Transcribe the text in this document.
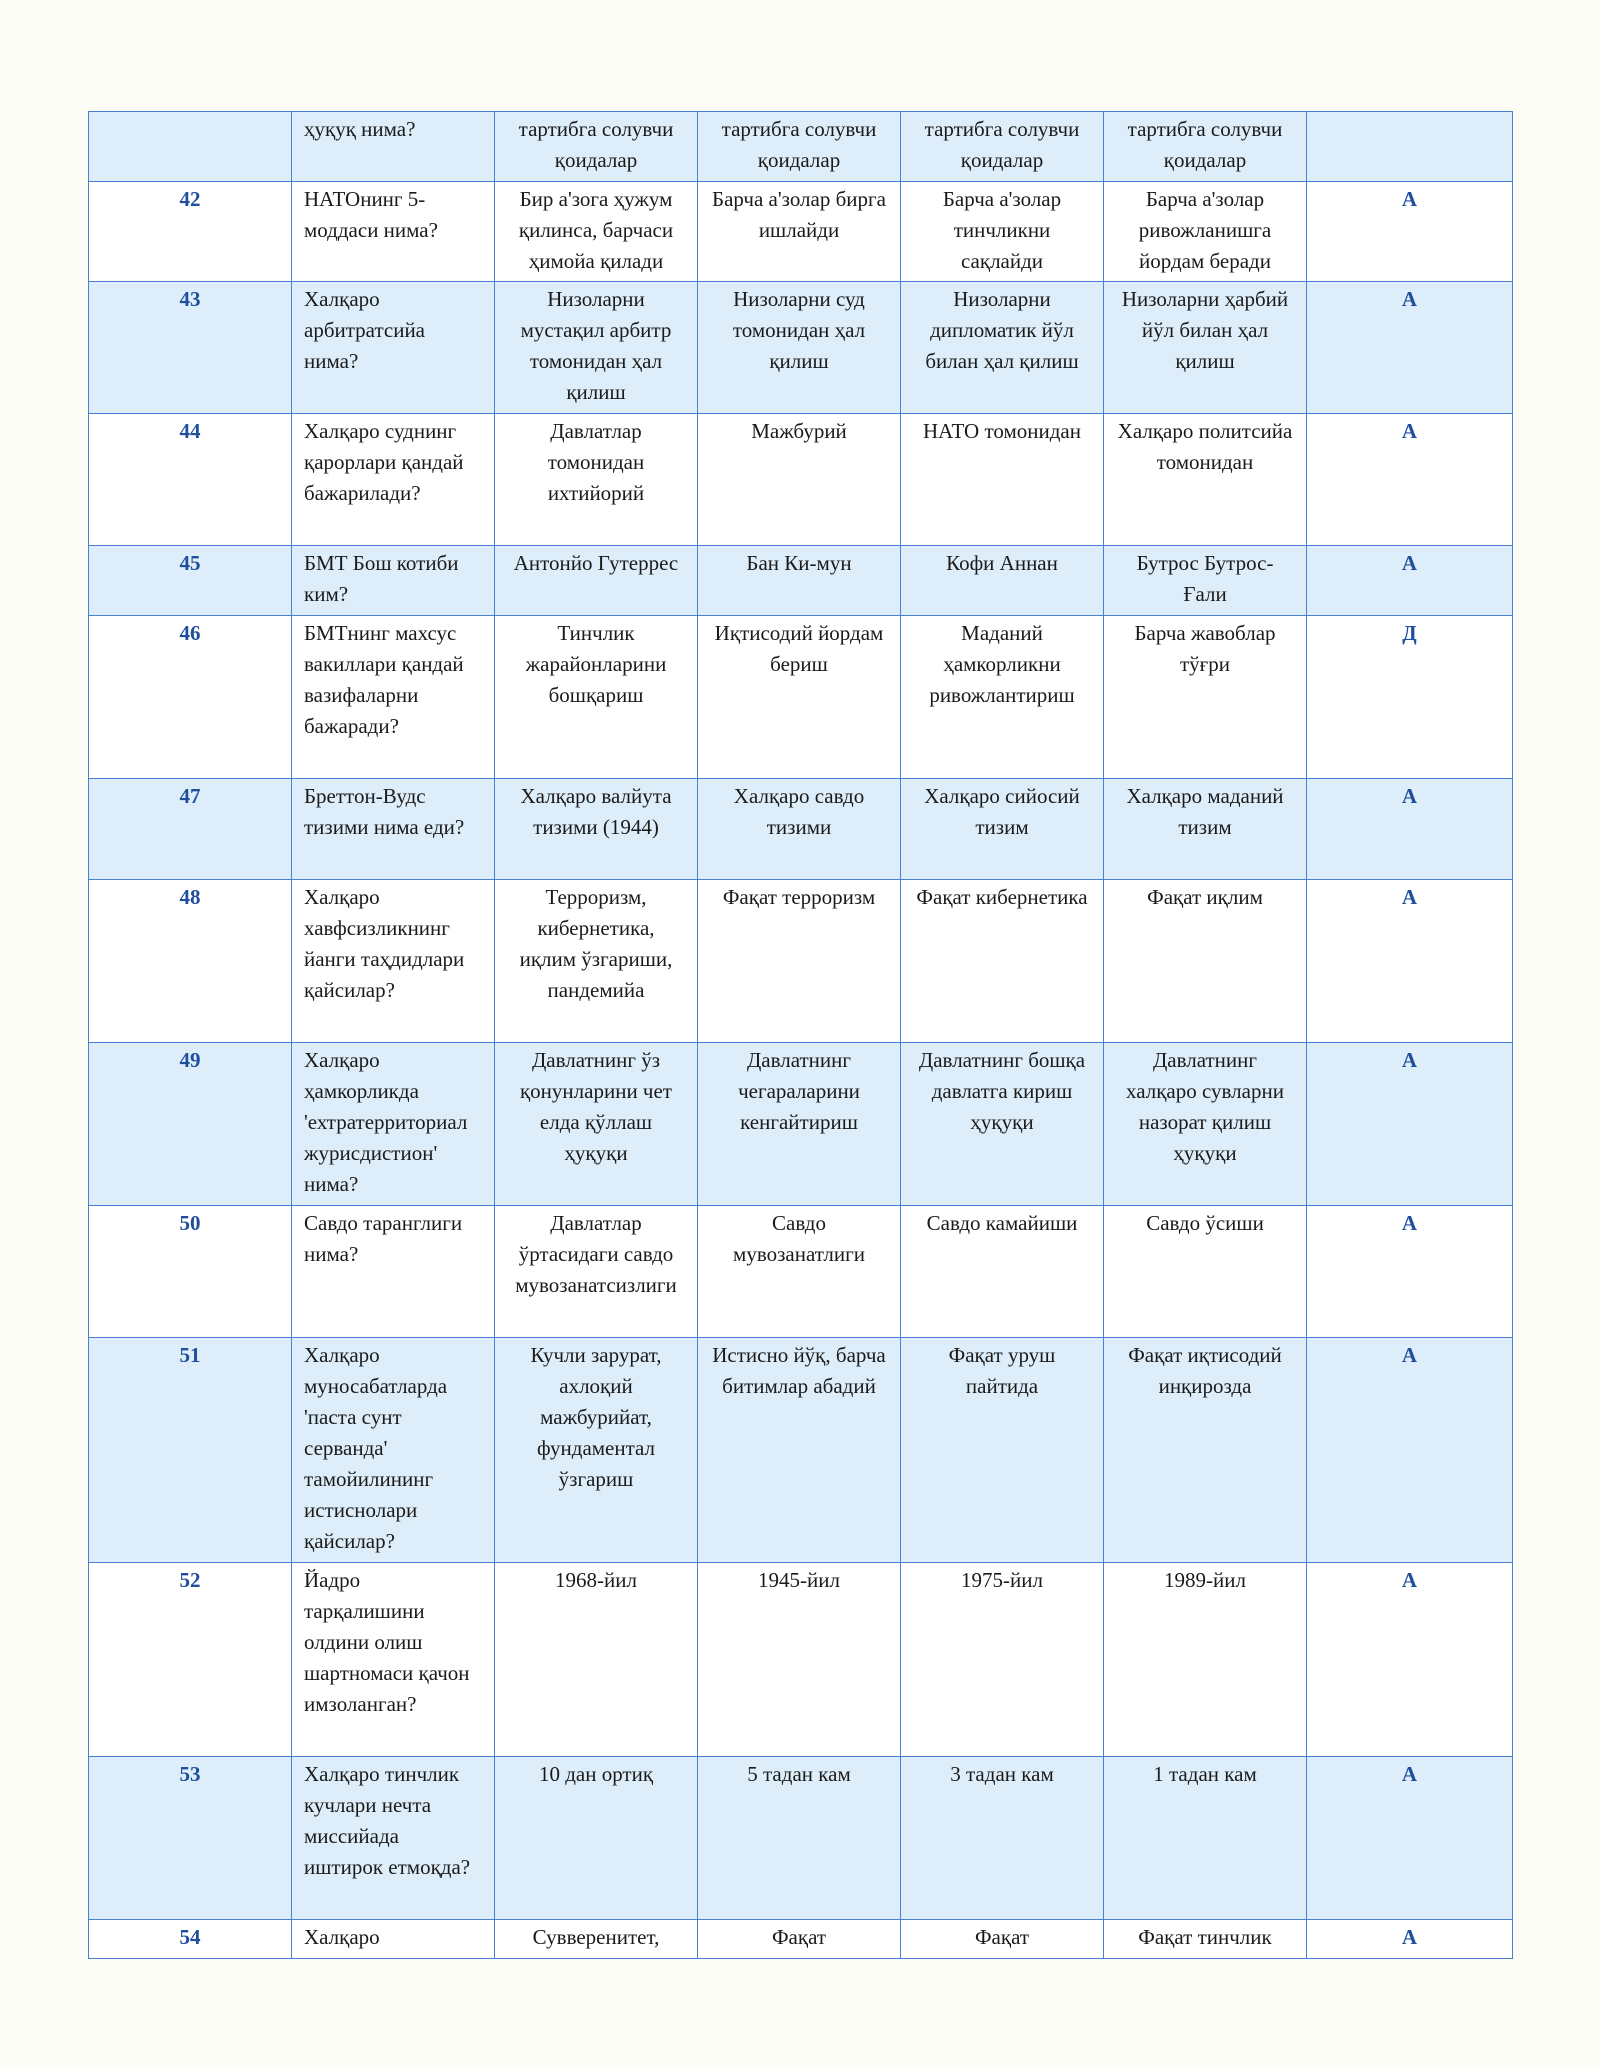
	ҳуқуқ нима?	тартибга солувчи қоидалар	тартибга солувчи қоидалар	тартибга солувчи қоидалар	тартибга солувчи қоидалар	
42	НАТОнинг 5-моддаси нима?	Бир а'зога ҳужум қилинса, барчаси ҳимойа қилади	Барча а'золар бирга ишлайди	Барча а'золар тинчликни сақлайди	Барча а'золар ривожланишга йордам беради	А
43	Халқаро арбитратсийа нима?	Низоларни мустақил арбитр томонидан ҳал қилиш	Низоларни суд томонидан ҳал қилиш	Низоларни дипломатик йўл билан ҳал қилиш	Низоларни ҳарбий йўл билан ҳал қилиш	А
44	Халқаро суднинг қарорлари қандай бажарилади?	Давлатлар томонидан ихтийорий	Мажбурий	НАТО томонидан	Халқаро политсийа томонидан	А
45	БМТ Бош котиби ким?	Антонйо Гутеррес	Бан Ки-мун	Кофи Аннан	Бутрос Бутрос-Ғали	А
46	БМТнинг махсус вакиллари қандай вазифаларни бажаради?	Тинчлик жарайонларини бошқариш	Иқтисодий йордам бериш	Маданий ҳамкорликни ривожлантириш	Барча жавоблар тўғри	Д
47	Бреттон-Вудс тизими нима еди?	Халқаро валйута тизими (1944)	Халқаро савдо тизими	Халқаро сийосий тизим	Халқаро маданий тизим	А
48	Халқаро хавфсизликнинг йанги таҳдидлари қайсилар?	Терроризм, кибернетика, иқлим ўзгариши, пандемийа	Фақат терроризм	Фақат кибернетика	Фақат иқлим	А
49	Халқаро ҳамкорликда 'ехтратерриториал журисдистион' нима?	Давлатнинг ўз қонунларини чет елда қўллаш ҳуқуқи	Давлатнинг чегараларини кенгайтириш	Давлатнинг бошқа давлатга кириш ҳуқуқи	Давлатнинг халқаро сувларни назорат қилиш ҳуқуқи	А
50	Савдо таранглиги нима?	Давлатлар ўртасидаги савдо мувозанатсизлиги	Савдо мувозанатлиги	Савдо камайиши	Савдо ўсиши	А
51	Халқаро муносабатларда 'пacта сунт серванда' тамойилининг истиснолари қайсилар?	Кучли зарурат, ахлоқий мажбурийат, фундаментал ўзгариш	Истисно йўқ, барча битимлар абадий	Фақат уруш пайтида	Фақат иқтисодий инқирозда	А
52	Йадро тарқалишини олдини олиш шартномаси қачон имзоланган?	1968-йил	1945-йил	1975-йил	1989-йил	А
53	Халқаро тинчлик кучлари нечта миссийада иштирок етмоқда?	10 дан ортиқ	5 тадан кам	3 тадан кам	1 тадан кам	А
54	Халқаро	Суввеpенитет,	Фақат	Фақат	Фақат тинчлик	А
